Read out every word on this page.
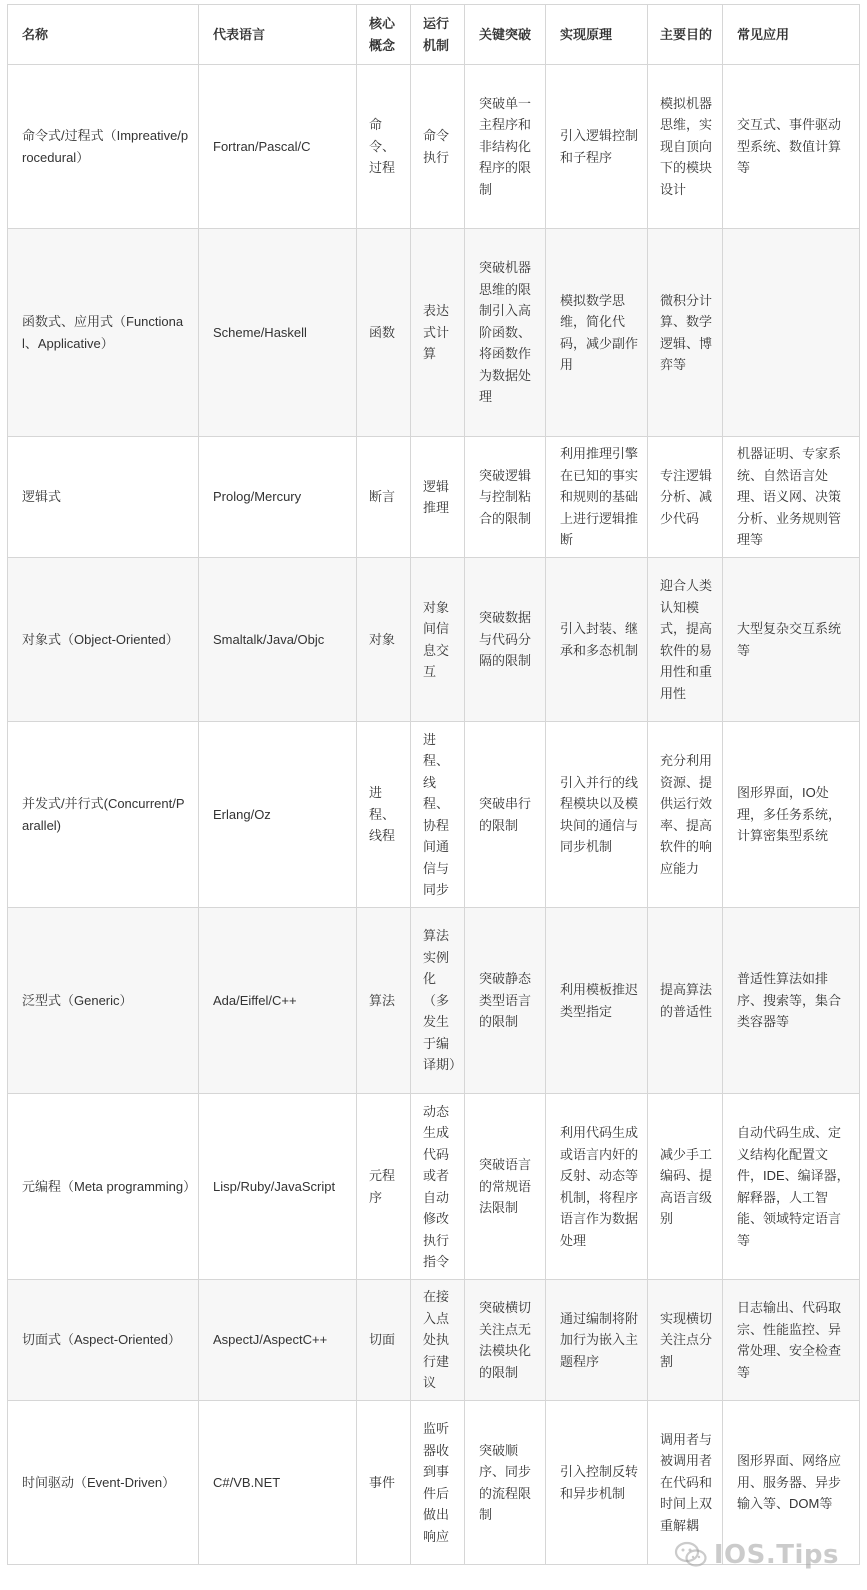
名称	代表语言	核心概念	运行机制	关键突破	实现原理	主要目的	常见应用
命令式/过程式（Impreative/procedural）	Fortran/Pascal/C	命令、过程	命令执行	突破单一主程序和非结构化程序的限制	引入逻辑控制和子程序	模拟机器思维，实现自顶向下的模块设计	交互式、事件驱动型系统、数值计算等
函数式、应用式（Functional、Applicative）	Scheme/Haskell	函数	表达式计算	突破机器思维的限制引入高阶函数、将函数作为数据处理	模拟数学思维，简化代码，减少副作用	微积分计算、数学逻辑、博弈等	
逻辑式	Prolog/Mercury	断言	逻辑推理	突破逻辑与控制粘合的限制	利用推理引擎在已知的事实和规则的基础上进行逻辑推断	专注逻辑分析、减少代码	机器证明、专家系统、自然语言处理、语义网、决策分析、业务规则管理等
对象式（Object-Oriented）	Smaltalk/Java/Objc	对象	对象间信息交互	突破数据与代码分隔的限制	引入封装、继承和多态机制	迎合人类认知模式，提高软件的易用性和重用性	大型复杂交互系统等
并发式/并行式(Concurrent/Parallel)	Erlang/Oz	进程、线程	进程、线程、协程间通信与同步	突破串行的限制	引入并行的线程模块以及模块间的通信与同步机制	充分利用资源、提供运行效率、提高软件的响应能力	图形界面，IO处理，多任务系统，计算密集型系统
泛型式（Generic）	Ada/Eiffel/C++	算法	算法实例化（多发生于编译期）	突破静态类型语言的限制	利用模板推迟类型指定	提高算法的普适性	普适性算法如排序、搜索等，集合类容器等
元编程（Meta programming）	Lisp/Ruby/JavaScript	元程序	动态生成代码或者自动修改执行指令	突破语言的常规语法限制	利用代码生成或语言内奸的反射、动态等机制，将程序语言作为数据处理	减少手工编码、提高语言级别	自动代码生成、定义结构化配置文件，IDE、编译器，解释器，人工智能、领域特定语言等
切面式（Aspect-Oriented）	AspectJ/AspectC++	切面	在接入点处执行建议	突破横切关注点无法模块化的限制	通过编制将附加行为嵌入主题程序	实现横切关注点分割	日志输出、代码取宗、性能监控、异常处理、安全检查等
时间驱动（Event-Driven）	C#/VB.NET	事件	监听器收到事件后做出响应	突破顺序、同步的流程限制	引入控制反转和异步机制	调用者与被调用者在代码和时间上双重解耦	图形界面、网络应用、服务器、异步输入等、DOM等
IOS.Tips
